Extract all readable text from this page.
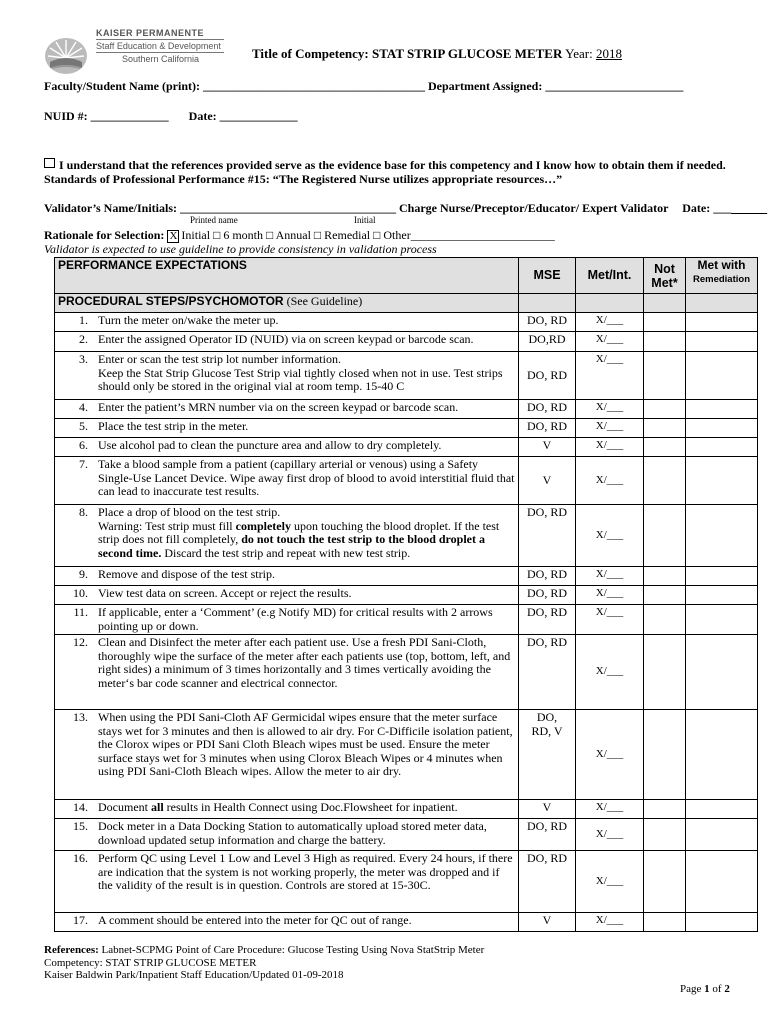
KAISER PERMANENTE
Staff Education & Development
Southern California	Title of Competency: STAT STRIP GLUCOSE METER Year: 2018
Faculty/Student Name (print): _____________________________________ Department Assigned: _______________________
NUID #: _____________ Date: _____________
I understand that the references provided serve as the evidence base for this competency and I know how to obtain them if needed.
Standards of Professional Performance #15: “The Registered Nurse utilizes appropriate resources…”
Validator’s Name/Initials: ____________________________________ Charge Nurse/Preceptor/Educator/ Expert Validator Date: ___
Printed name	Initial
Rationale for Selection: X Initial □ 6 month □ Annual □ Remedial □ Other________________________
Validator is expected to use guideline to provide consistency in validation process
PERFORMANCE EXPECTATIONS	MSE	Met/Int.	Not Met*	Met with
Remediation

PROCEDURAL STEPS/PSYCHOMOTOR (See Guideline)				

1. Turn the meter on/wake the meter up.	DO, RD	X/___		

2. Enter the assigned Operator ID (NUID) via on screen keypad or barcode scan.	DO,RD	X/___		

3. Enter or scan the test strip lot number information.
Keep the Stat Strip Glucose Test Strip vial tightly closed when not in use. Test strips should only be stored in the original vial at room temp. 15-40 C	DO, RD	X/___		

4. Enter the patient’s MRN number via on the screen keypad or barcode scan.	DO, RD	X/___		

5. Place the test strip in the meter.	DO, RD	X/___		

6. Use alcohol pad to clean the puncture area and allow to dry completely.	V	X/___		

7. Take a blood sample from a patient (capillary arterial or venous) using a Safety Single-Use Lancet Device. Wipe away first drop of blood to avoid interstitial fluid that can lead to inaccurate test results.	V	X/___		

8. Place a drop of blood on the test strip.
Warning: Test strip must fill completely upon touching the blood droplet. If the test strip does not fill completely, do not touch the test strip to the blood droplet a second time. Discard the test strip and repeat with new test strip.	DO, RD	X/___		

9. Remove and dispose of the test strip.	DO, RD	X/___		

10. View test data on screen. Accept or reject the results.	DO, RD	X/___		

11. If applicable, enter a ‘Comment’ (e.g Notify MD) for critical results with 2 arrows pointing up or down.	DO, RD	X/___		

12. Clean and Disinfect the meter after each patient use. Use a fresh PDI Sani-Cloth, thoroughly wipe the surface of the meter after each patients use (top, bottom, left, and right sides) a minimum of 3 times horizontally and 3 times vertically avoiding the meter‘s bar code scanner and electrical connector.	DO, RD	X/___		

13. When using the PDI Sani-Cloth AF Germicidal wipes ensure that the meter surface stays wet for 3 minutes and then is allowed to air dry. For C-Difficile isolation patient, the Clorox wipes or PDI Sani Cloth Bleach wipes must be used. Ensure the meter surface stays wet for 3 minutes when using Clorox Bleach Wipes or 4 minutes when using PDI Sani-Cloth Bleach wipes. Allow the meter to air dry.	DO,
RD, V	X/___		

14. Document all results in Health Connect using Doc.Flowsheet for inpatient.	V	X/___		

15. Dock meter in a Data Docking Station to automatically upload stored meter data, download updated setup information and charge the battery.	DO, RD	X/___		

16. Perform QC using Level 1 Low and Level 3 High as required. Every 24 hours, if there are indication that the system is not working properly, the meter was dropped and if the validity of the result is in question. Controls are stored at 15-30C.	DO, RD	X/___		

17. A comment should be entered into the meter for QC out of range.	V	X/___		
References: Labnet-SCPMG Point of Care Procedure: Glucose Testing Using Nova StatStrip Meter
Competency: STAT STRIP GLUCOSE METER
Kaiser Baldwin Park/Inpatient Staff Education/Updated 01-09-2018
Page 1 of 2
